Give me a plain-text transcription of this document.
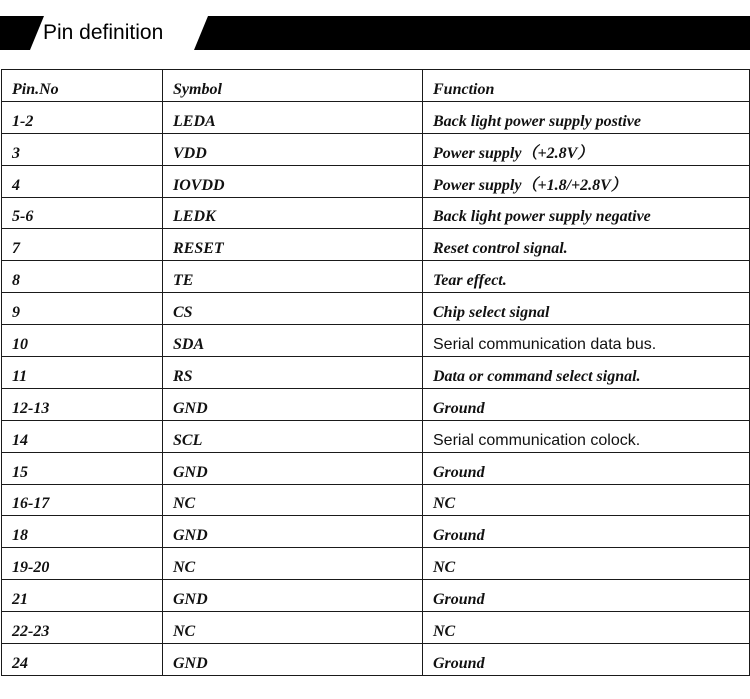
Pin definition
Pin.No	Symbol	Function
1-2	LEDA	Back light power supply postive
3	VDD	Power supply（+2.8V）
4	IOVDD	Power supply（+1.8/+2.8V）
5-6	LEDK	Back light power supply negative
7	RESET	Reset control signal.
8	TE	Tear effect.
9	CS	Chip select signal
10	SDA	Serial communication data bus.
11	RS	Data or command select signal.
12-13	GND	Ground
14	SCL	Serial communication colock.
15	GND	Ground
16-17	NC	NC
18	GND	Ground
19-20	NC	NC
21	GND	Ground
22-23	NC	NC
24	GND	Ground
